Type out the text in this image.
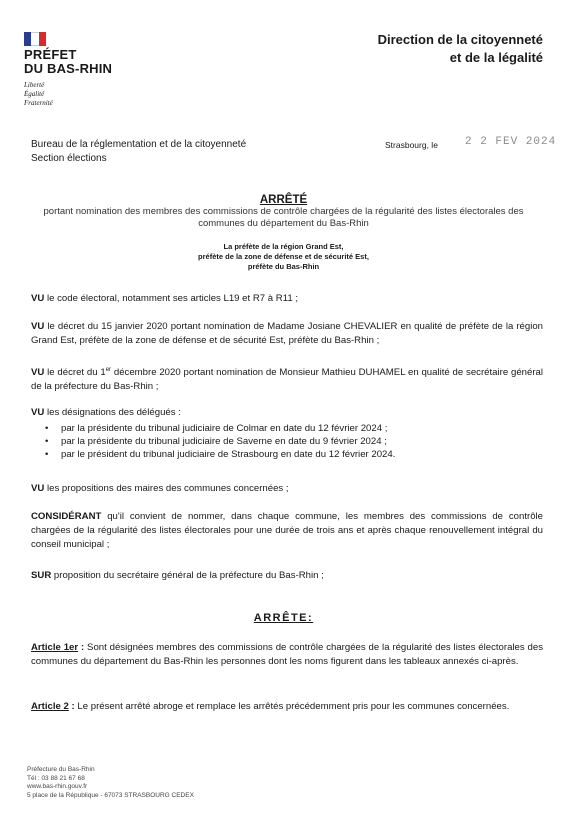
PRÉFET
DU BAS-RHIN
Liberté
Égalité
Fraternité
Direction de la citoyenneté
et de la légalité
Bureau de la réglementation et de la citoyenneté
Section élections
Strasbourg, le 2 2 FEV 2024
ARRÊTÉ
portant nomination des membres des commissions de contrôle chargées de la régularité des listes électorales des communes du département du Bas-Rhin
La préfète de la région Grand Est,
préfète de la zone de défense et de sécurité Est,
préfète du Bas-Rhin
VU le code électoral, notamment ses articles L19 et R7 à R11 ;
VU le décret du 15 janvier 2020 portant nomination de Madame Josiane CHEVALIER en qualité de préfète de la région Grand Est, préfète de la zone de défense et de sécurité Est, préfète du Bas-Rhin ;
VU le décret du 1er décembre 2020 portant nomination de Monsieur Mathieu DUHAMEL en qualité de secrétaire général de la préfecture du Bas-Rhin ;
VU les désignations des délégués :
• par la présidente du tribunal judiciaire de Colmar en date du 12 février 2024 ;
• par la présidente du tribunal judiciaire de Saverne en date du 9 février 2024 ;
• par le président du tribunal judiciaire de Strasbourg en date du 12 février 2024.
VU les propositions des maires des communes concernées ;
CONSIDÉRANT qu'il convient de nommer, dans chaque commune, les membres des commissions de contrôle chargées de la régularité des listes électorales pour une durée de trois ans et après chaque renouvellement intégral du conseil municipal ;
SUR proposition du secrétaire général de la préfecture du Bas-Rhin ;
ARRÊTE:
Article 1er : Sont désignées membres des commissions de contrôle chargées de la régularité des listes électorales des communes du département du Bas-Rhin les personnes dont les noms figurent dans les tableaux annexés ci-après.
Article 2 : Le présent arrêté abroge et remplace les arrêtés précédemment pris pour les communes concernées.
Préfecture du Bas-Rhin
Tél : 03 88 21 67 68
www.bas-rhin.gouv.fr
5 place de la République - 67073 STRASBOURG CEDEX
